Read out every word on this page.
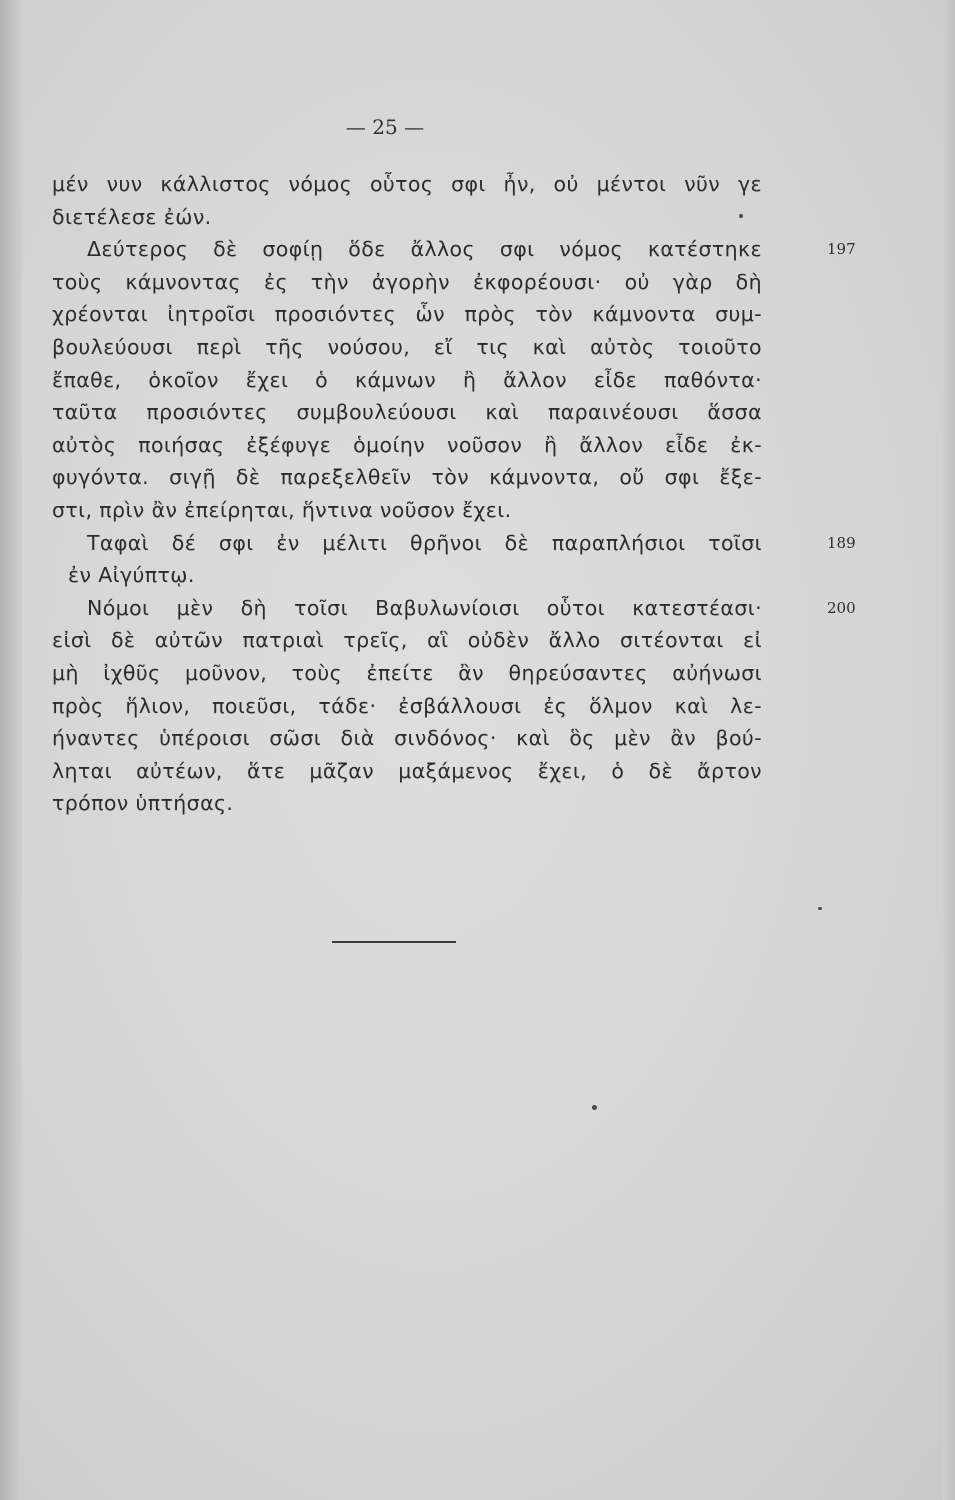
— 25 —
μέν νυν κάλλιστος νόμος οὗτος σφι ἦν, οὐ μέντοι νῦν γε
διετέλεσε ἐών.
Δεύτερος δὲ σοφίῃ ὅδε ἄλλος σφι νόμος κατέστηκε	197
τοὺς κάμνοντας ἐς τὴν ἀγορὴν ἐκφορέουσι· οὐ γὰρ δὴ
χρέονται ἰητροῖσι προσιόντες ὧν πρὸς τὸν κάμνοντα συμ-
βουλεύουσι περὶ τῆς νούσου, εἴ τις καὶ αὐτὸς τοιοῦτο
ἔπαθε, ὁκοῖον ἔχει ὁ κάμνων ἢ ἄλλον εἶδε παθόντα·
ταῦτα προσιόντες συμβουλεύουσι καὶ παραινέουσι ἅσσα
αὐτὸς ποιήσας ἐξέφυγε ὁμοίην νοῦσον ἢ ἄλλον εἶδε ἐκ-
φυγόντα. σιγῇ δὲ παρεξελθεῖν τὸν κάμνοντα, οὔ σφι ἔξε-
στι, πρὶν ἂν ἐπείρηται, ἥντινα νοῦσον ἔχει.
Ταφαὶ δέ σφι ἐν μέλιτι θρῆνοι δὲ παραπλήσιοι τοῖσι	189
ἐν Αἰγύπτῳ.
Νόμοι μὲν δὴ τοῖσι Βαβυλωνίοισι οὗτοι κατεστέασι·	200
εἰσὶ δὲ αὐτῶν πατριαὶ τρεῖς, αἳ οὐδὲν ἄλλο σιτέονται εἰ
μὴ ἰχθῦς μοῦνον, τοὺς ἐπείτε ἂν θηρεύσαντες αὐήνωσι
πρὸς ἥλιον, ποιεῦσι, τάδε· ἐσβάλλουσι ἐς ὅλμον καὶ λε-
ήναντες ὑπέροισι σῶσι διὰ σινδόνος· καὶ ὃς μὲν ἂν βού-
ληται αὐτέων, ἅτε μᾶζαν μαξάμενος ἔχει, ὁ δὲ ἄρτον
τρόπον ὑπτήσας.
